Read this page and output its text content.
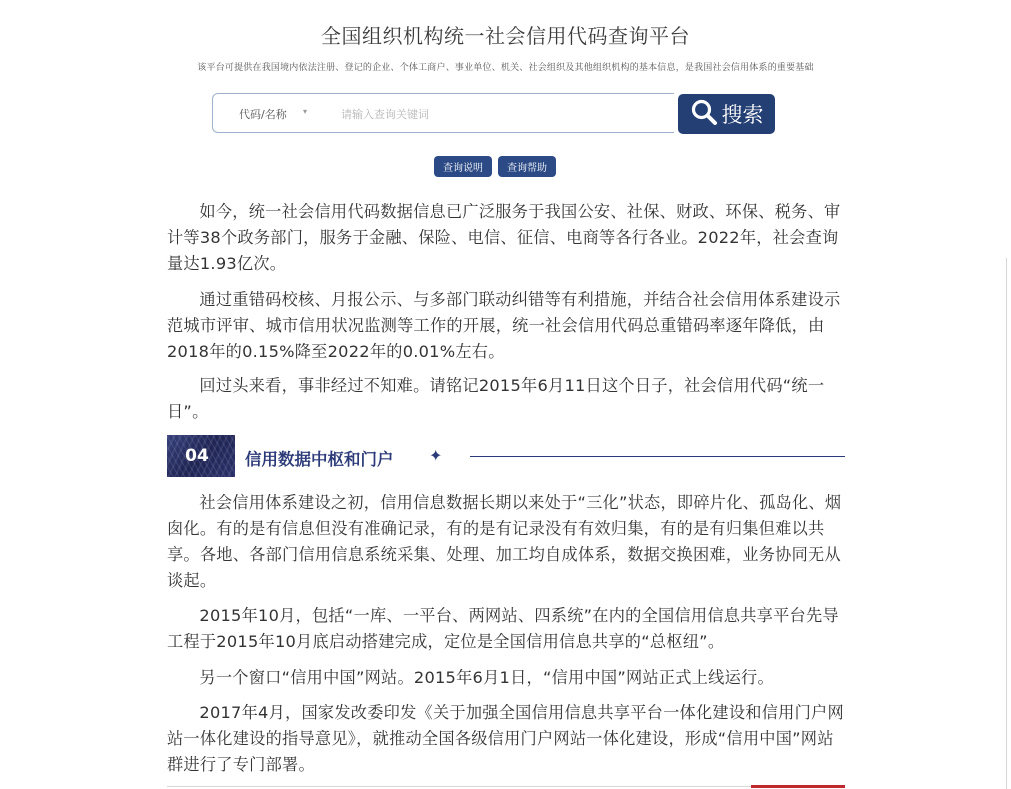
全国组织机构统一社会信用代码查询平台
该平台可提供在我国境内依法注册、登记的企业、个体工商户、事业单位、机关、社会组织及其他组织机构的基本信息，是我国社会信用体系的重要基础
代码/名称 ▾
请输入查询关键词	搜索
查询说明	查询帮助

如今，统一社会信用代码数据信息已广泛服务于我国公安、社保、财政、环保、税务、审计等38个政务部门，服务于金融、保险、电信、征信、电商等各行各业。2022年，社会查询量达1.93亿次。

通过重错码校核、月报公示、与多部门联动纠错等有利措施，并结合社会信用体系建设示范城市评审、城市信用状况监测等工作的开展，统一社会信用代码总重错码率逐年降低，由2018年的0.15%降至2022年的0.01%左右。

回过头来看，事非经过不知难。请铭记2015年6月11日这个日子，社会信用代码“统一日”。

04	信用数据中枢和门户 ✦

社会信用体系建设之初，信用信息数据长期以来处于“三化”状态，即碎片化、孤岛化、烟囱化。有的是有信息但没有准确记录，有的是有记录没有有效归集，有的是有归集但难以共享。各地、各部门信用信息系统采集、处理、加工均自成体系，数据交换困难，业务协同无从谈起。

2015年10月，包括“一库、一平台、两网站、四系统”在内的全国信用信息共享平台先导工程于2015年10月底启动搭建完成，定位是全国信用信息共享的“总枢纽”。

另一个窗口“信用中国”网站。2015年6月1日，“信用中国”网站正式上线运行。

2017年4月，国家发改委印发《关于加强全国信用信息共享平台一体化建设和信用门户网站一体化建设的指导意见》，就推动全国各级信用门户网站一体化建设，形成“信用中国”网站群进行了专门部署。
